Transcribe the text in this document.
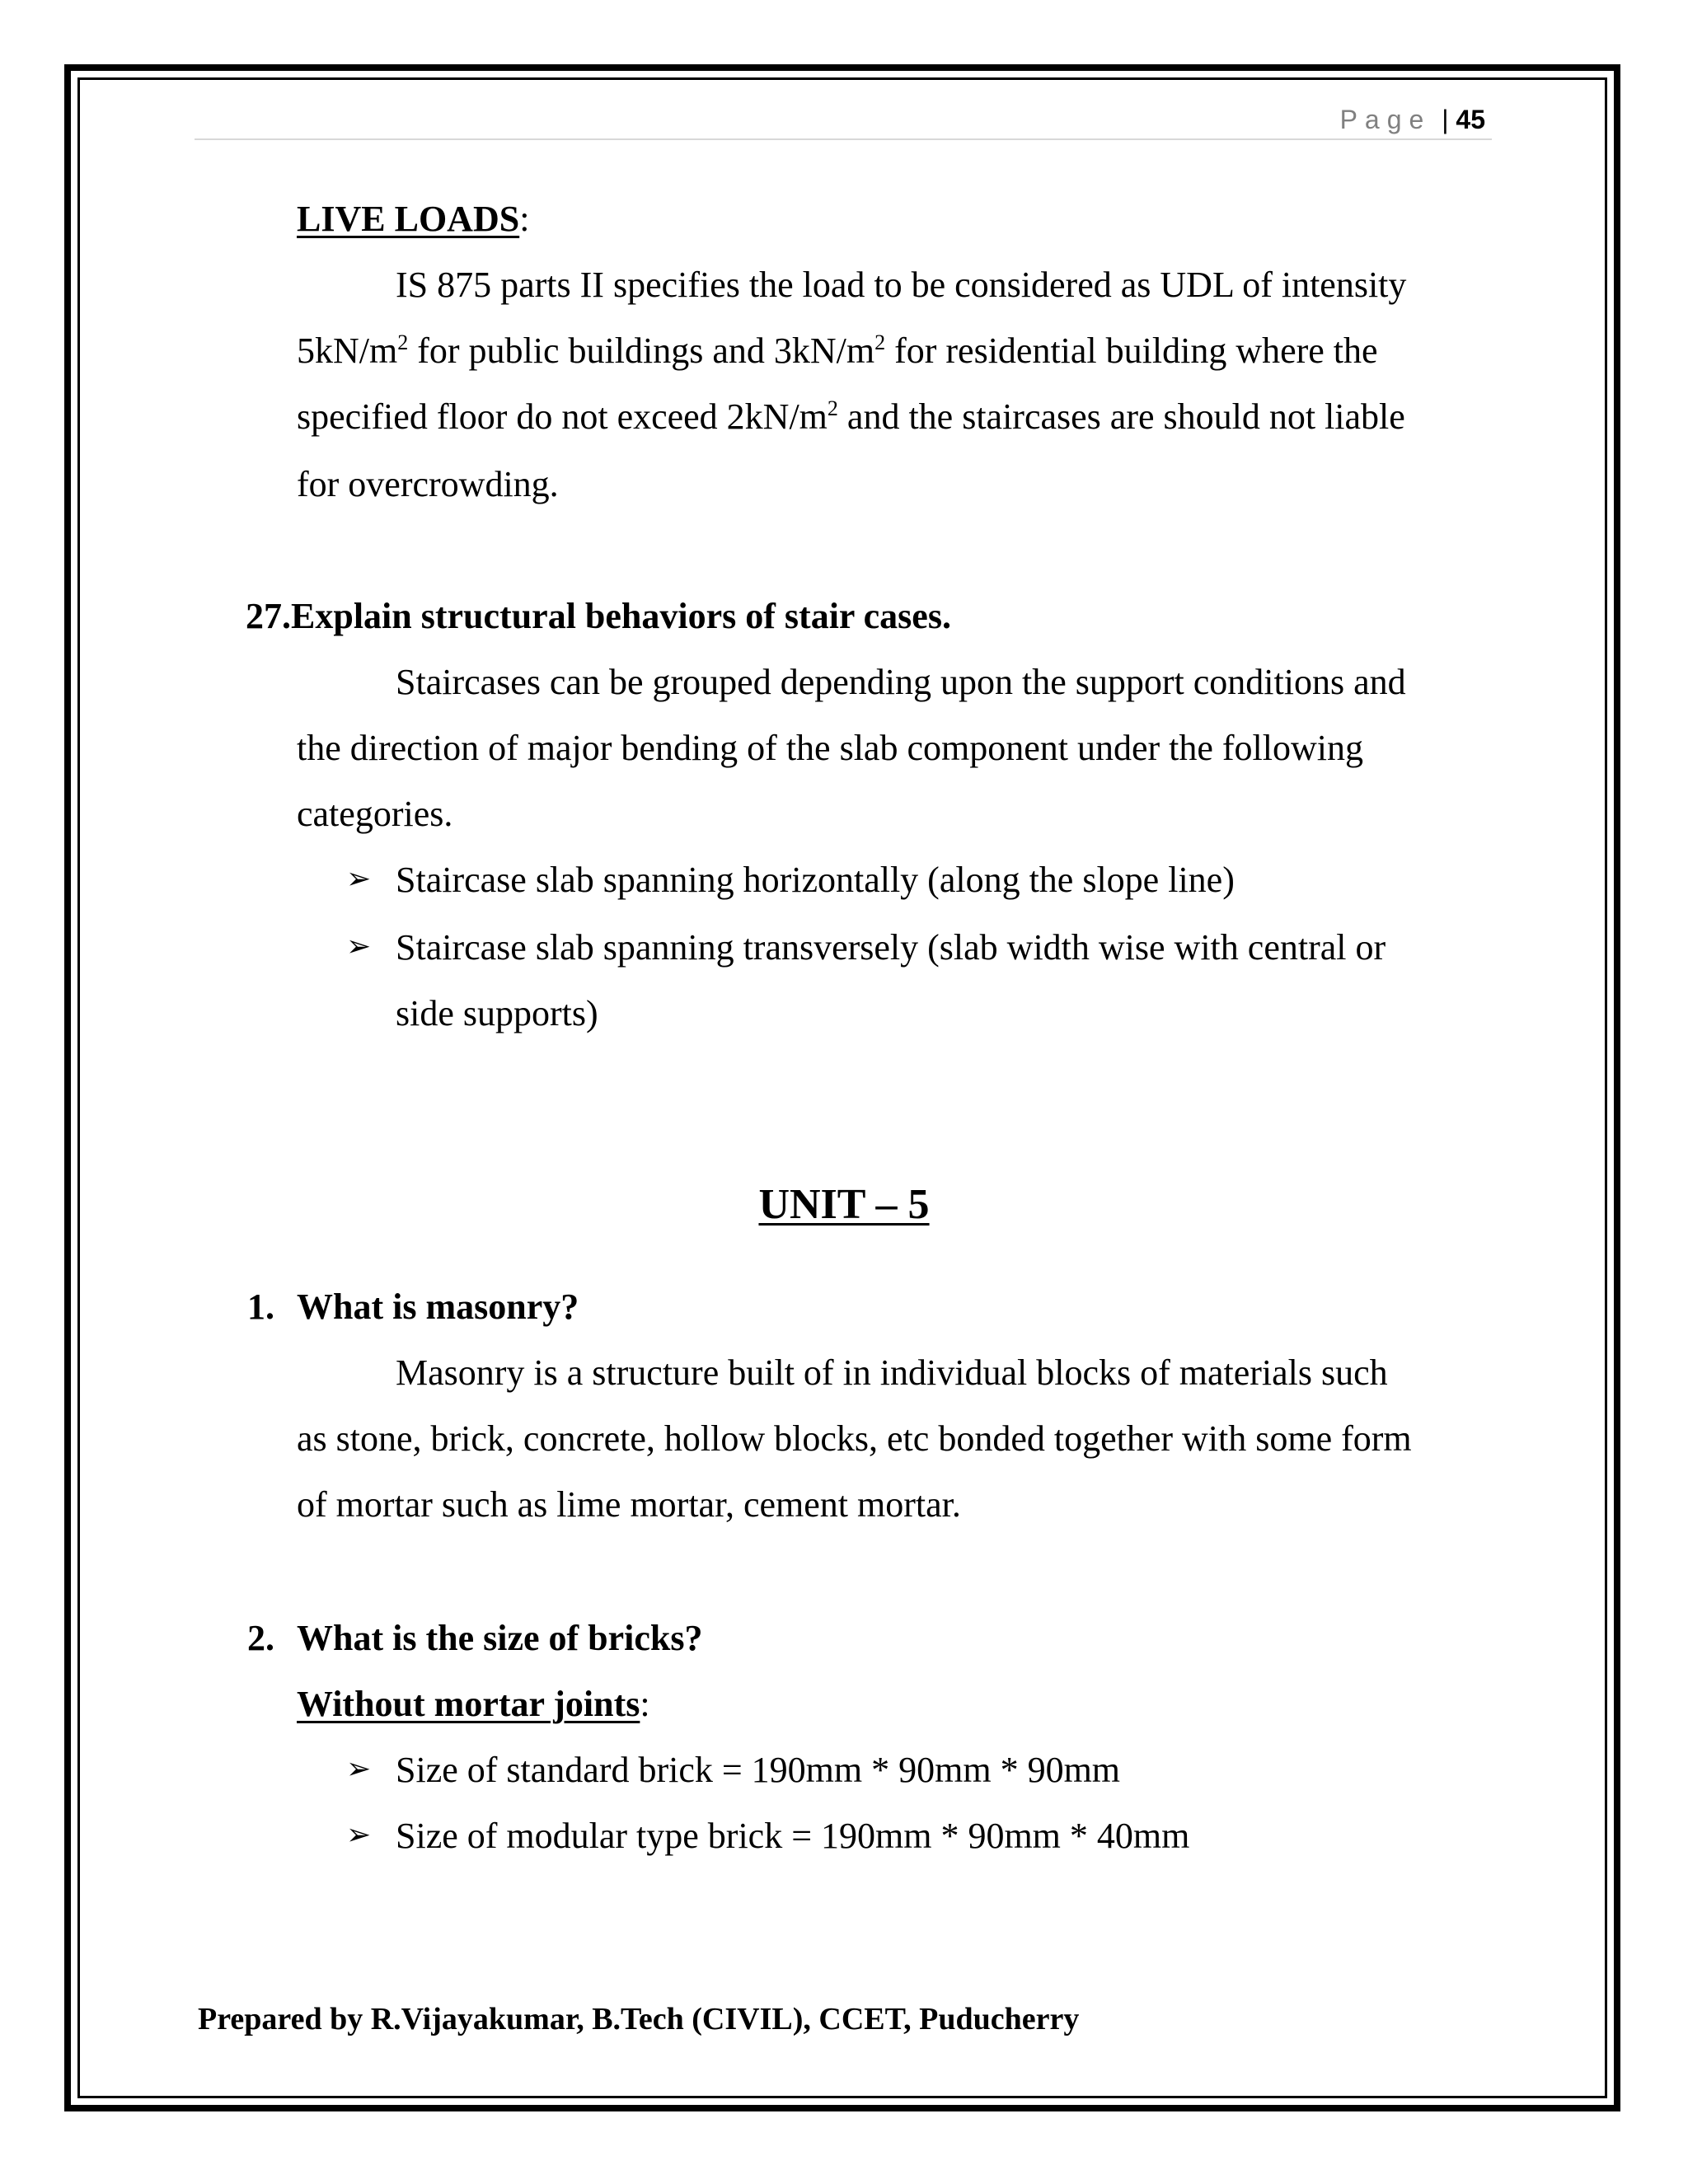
Page | 45
LIVE LOADS:
IS 875 parts II specifies the load to be considered as UDL of intensity
$5kN/m^2$ for public buildings and $3kN/m^2$ for residential building where the
specified floor do not exceed $2kN/m^2$ and the staircases are should not liable
for overcrowding.
27.Explain structural behaviors of stair cases.
Staircases can be grouped depending upon the support conditions and
the direction of major bending of the slab component under the following
categories.
➢ Staircase slab spanning horizontally (along the slope line)
➢ Staircase slab spanning transversely (slab width wise with central or
side supports)
UNIT – 5
1. What is masonry?
Masonry is a structure built of in individual blocks of materials such
as stone, brick, concrete, hollow blocks, etc bonded together with some form
of mortar such as lime mortar, cement mortar.
2. What is the size of bricks?
Without mortar joints:
➢ Size of standard brick = 190mm * 90mm * 90mm
➢ Size of modular type brick = 190mm * 90mm * 40mm
Prepared by R.Vijayakumar, B.Tech (CIVIL), CCET, Puducherry
